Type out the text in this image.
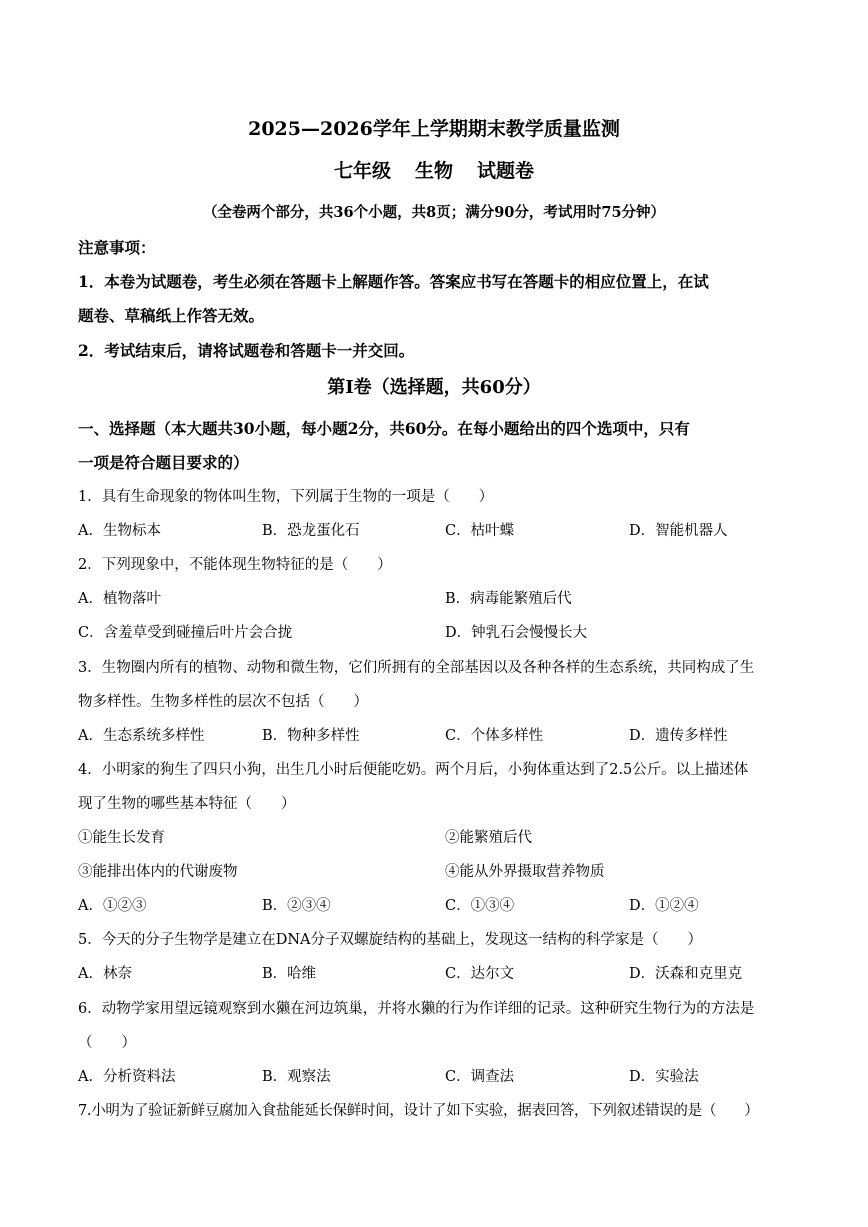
2025—2026学年上学期期末教学质量监测
七年级 生物 试题卷
（全卷两个部分，共36个小题，共8页；满分90分，考试用时75分钟）
注意事项：
1．本卷为试题卷，考生必须在答题卡上解题作答。答案应书写在答题卡的相应位置上，在试
题卷、草稿纸上作答无效。
2．考试结束后，请将试题卷和答题卡一并交回。
第Ⅰ卷（选择题，共60分）
一、选择题（本大题共30小题，每小题2分，共60分。在每小题给出的四个选项中，只有
一项是符合题目要求的）
1．具有生命现象的物体叫生物，下列属于生物的一项是（　　）
A．生物标本	B．恐龙蛋化石	C．枯叶蝶	D．智能机器人
2．下列现象中，不能体现生物特征的是（　　）
A．植物落叶	B．病毒能繁殖后代
C．含羞草受到碰撞后叶片会合拢	D．钟乳石会慢慢长大
3．生物圈内所有的植物、动物和微生物，它们所拥有的全部基因以及各种各样的生态系统，共同构成了生
物多样性。生物多样性的层次不包括（　　）
A．生态系统多样性	B．物种多样性	C．个体多样性	D．遗传多样性
4．小明家的狗生了四只小狗，出生几小时后便能吃奶。两个月后，小狗体重达到了2.5公斤。以上描述体
现了生物的哪些基本特征（　　）
①能生长发育	②能繁殖后代
③能排出体内的代谢废物	④能从外界摄取营养物质
A．①②③	B．②③④	C．①③④	D．①②④
5．今天的分子生物学是建立在DNA分子双螺旋结构的基础上，发现这一结构的科学家是（　　）
A．林奈	B．哈维	C．达尔文	D．沃森和克里克
6．动物学家用望远镜观察到水獭在河边筑巢，并将水獭的行为作详细的记录。这种研究生物行为的方法是
（　　）
A．分析资料法	B．观察法	C．调查法	D．实验法
7.小明为了验证新鲜豆腐加入食盐能延长保鲜时间，设计了如下实验，据表回答，下列叙述错误的是（　　）
